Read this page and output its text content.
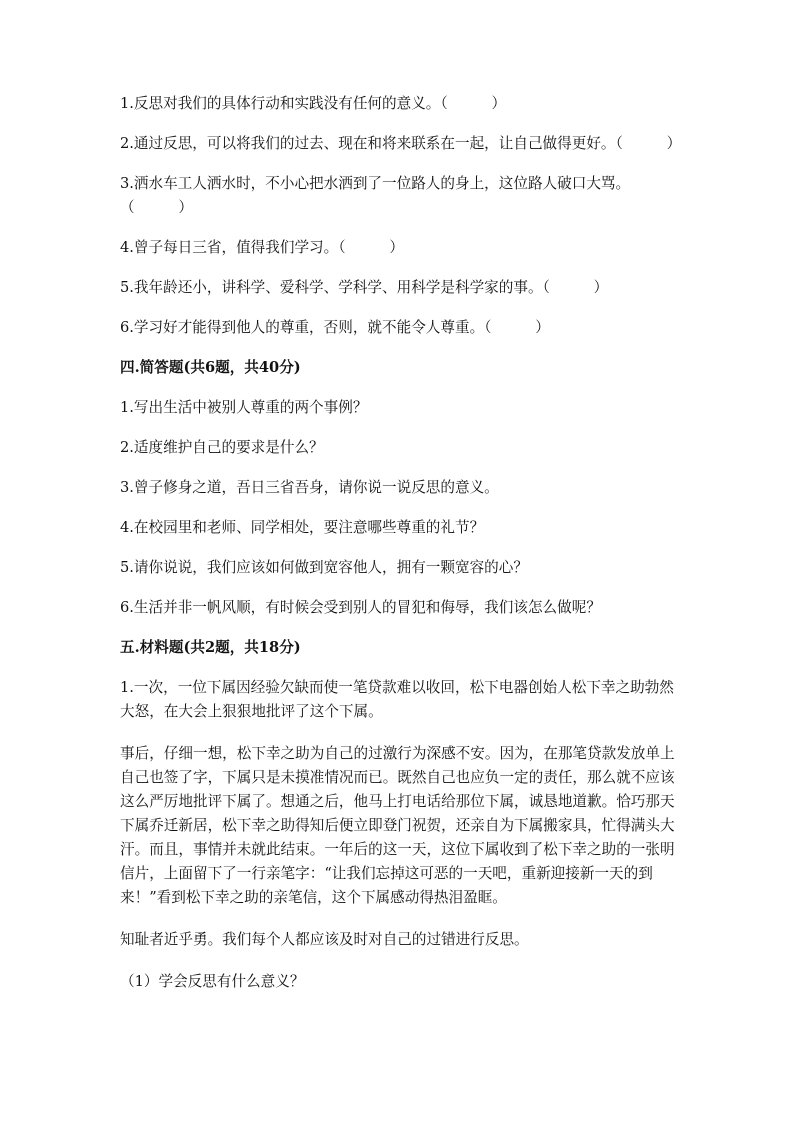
1.反思对我们的具体行动和实践没有任何的意义。（　　　）

2.通过反思，可以将我们的过去、现在和将来联系在一起，让自己做得更好。（　　　）

3.洒水车工人洒水时，不小心把水洒到了一位路人的身上，这位路人破口大骂。（　　　）

4.曾子每日三省，值得我们学习。（　　　）

5.我年龄还小，讲科学、爱科学、学科学、用科学是科学家的事。（　　　）

6.学习好才能得到他人的尊重，否则，就不能令人尊重。（　　　）

四.简答题(共6题，共40分)

1.写出生活中被别人尊重的两个事例？

2.适度维护自己的要求是什么？

3.曾子修身之道，吾日三省吾身，请你说一说反思的意义。

4.在校园里和老师、同学相处，要注意哪些尊重的礼节？

5.请你说说，我们应该如何做到宽容他人，拥有一颗宽容的心？

6.生活并非一帆风顺，有时候会受到别人的冒犯和侮辱，我们该怎么做呢？

五.材料题(共2题，共18分)

1.一次，一位下属因经验欠缺而使一笔贷款难以收回，松下电器创始人松下幸之助勃然大怒，在大会上狠狠地批评了这个下属。

事后，仔细一想，松下幸之助为自己的过激行为深感不安。因为，在那笔贷款发放单上自己也签了字，下属只是未摸准情况而已。既然自己也应负一定的责任，那么就不应该这么严厉地批评下属了。想通之后，他马上打电话给那位下属，诚恳地道歉。恰巧那天下属乔迁新居，松下幸之助得知后便立即登门祝贺，还亲自为下属搬家具，忙得满头大汗。而且，事情并未就此结束。一年后的这一天，这位下属收到了松下幸之助的一张明信片，上面留下了一行亲笔字：“让我们忘掉这可恶的一天吧，重新迎接新一天的到来！”看到松下幸之助的亲笔信，这个下属感动得热泪盈眶。

知耻者近乎勇。我们每个人都应该及时对自己的过错进行反思。

（1）学会反思有什么意义？
